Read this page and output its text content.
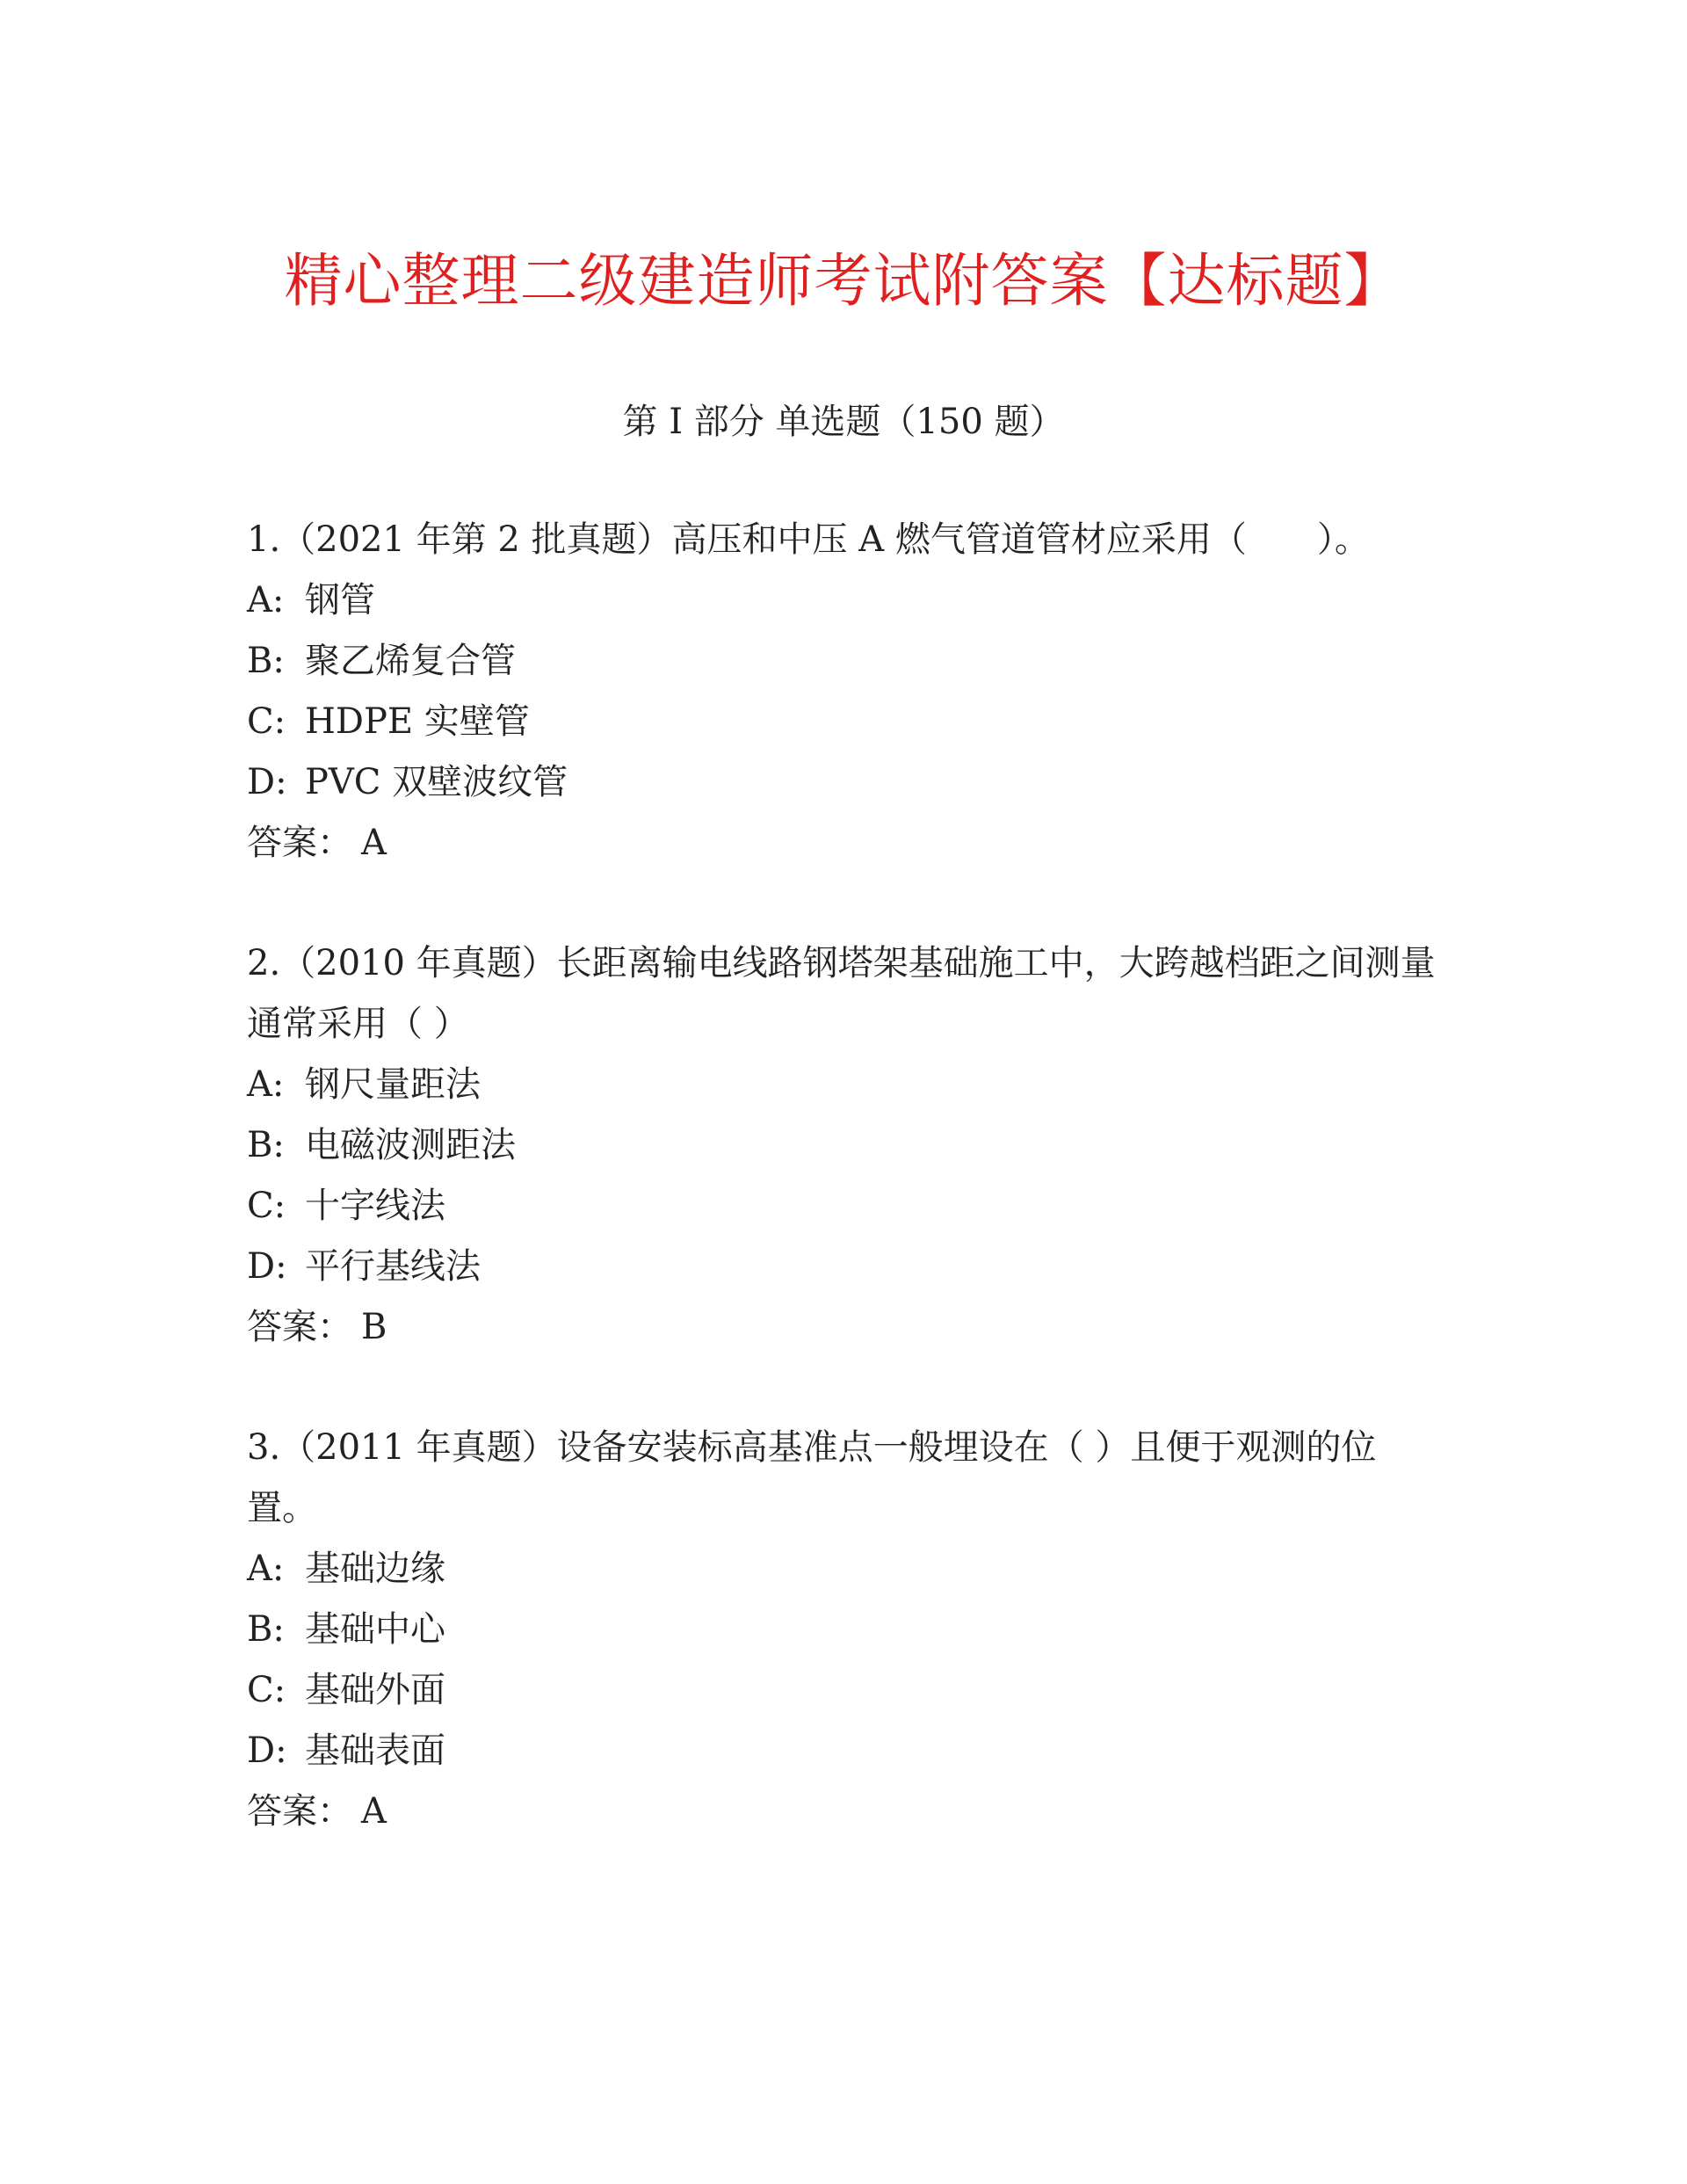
精心整理二级建造师考试附答案【达标题】
第 I 部分 单选题（150 题）

1.（2021 年第 2 批真题）高压和中压 A 燃气管道管材应采用（　　）。

A: 钢管

B: 聚乙烯复合管

C: HDPE 实壁管

D: PVC 双壁波纹管

答案： A

2.（2010 年真题）长距离输电线路钢塔架基础施工中，大跨越档距之间测量通常采用（ ）

A: 钢尺量距法

B: 电磁波测距法

C: 十字线法

D: 平行基线法

答案： B

3.（2011 年真题）设备安装标高基准点一般埋设在（ ）且便于观测的位置。

A: 基础边缘

B: 基础中心

C: 基础外面

D: 基础表面

答案： A
